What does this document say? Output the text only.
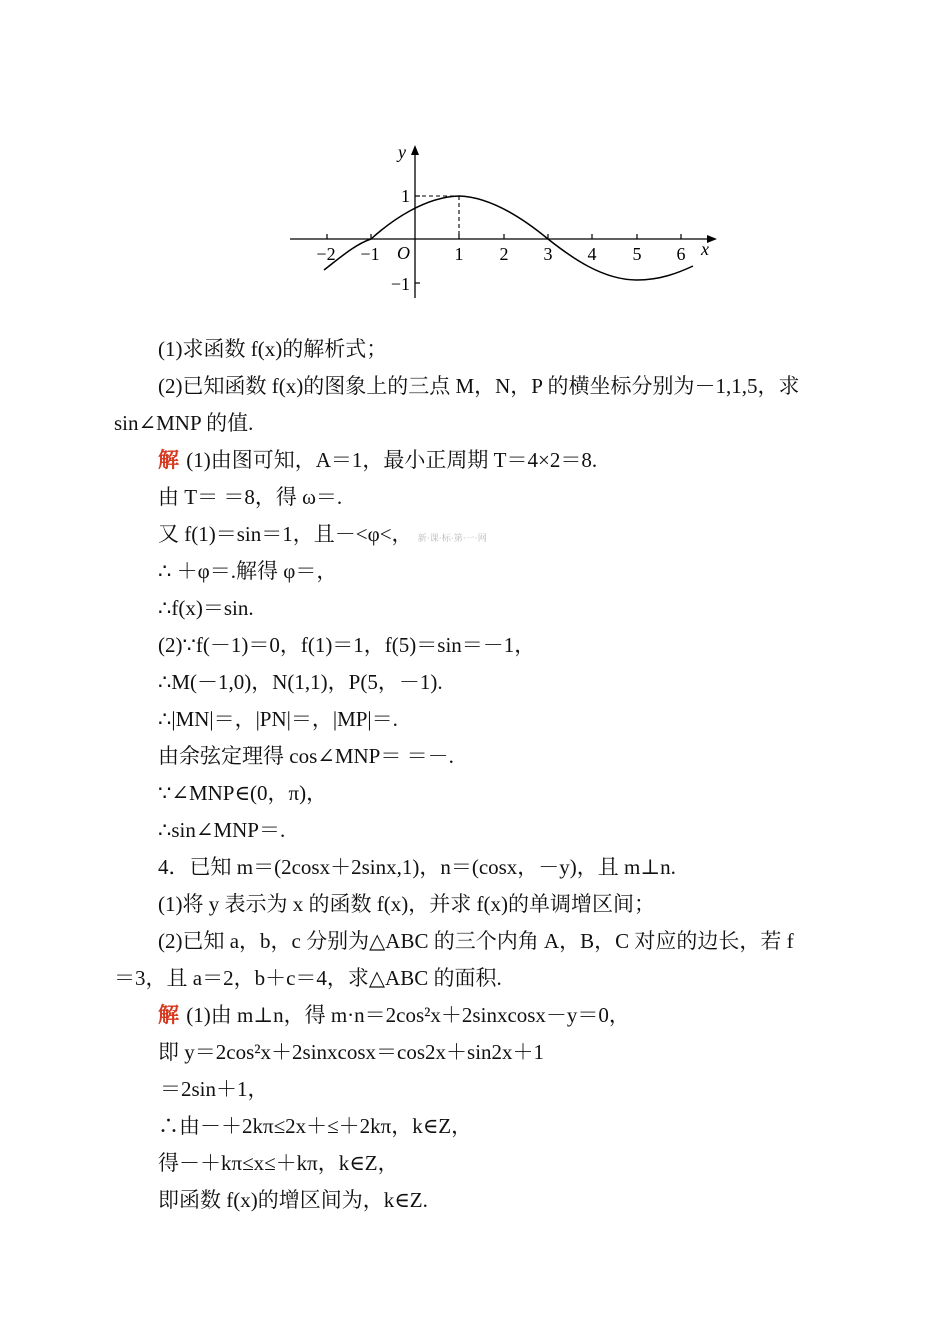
y
x
O
−2 −1	1 2 3 4 5 6
1
−1
(1)求函数 f(x)的解析式；
(2)已知函数 f(x)的图象上的三点 M，N，P 的横坐标分别为－1,1,5，求
sin∠MNP 的值.
解 (1)由图可知，A＝1，最小正周期 T＝4×2＝8.
由 T＝ ＝8，得 ω＝.
又 f(1)＝sin＝1，且－<φ<， 新·课·标·第·一·网
∴ ＋φ＝.解得 φ＝，
∴f(x)＝sin.
(2)∵f(－1)＝0，f(1)＝1，f(5)＝sin＝－1，
∴M(－1,0)，N(1,1)，P(5，－1).
∴|MN|＝，|PN|＝，|MP|＝.
由余弦定理得 cos∠MNP＝ ＝－.
∵∠MNP∈(0，π)，
∴sin∠MNP＝.
4．已知 m＝(2cosx＋2sinx,1)，n＝(cosx，－y)，且 m⊥n.
(1)将 y 表示为 x 的函数 f(x)，并求 f(x)的单调增区间；
(2)已知 a，b，c 分别为△ABC 的三个内角 A，B，C 对应的边长，若 f
＝3，且 a＝2，b＋c＝4，求△ABC 的面积.
解 (1)由 m⊥n，得 m·n＝2cos²x＋2sinxcosx－y＝0，
即 y＝2cos²x＋2sinxcosx＝cos2x＋sin2x＋1
＝2sin＋1，
∴由－＋2kπ≤2x＋≤＋2kπ，k∈Z，
得－＋kπ≤x≤＋kπ，k∈Z，
即函数 f(x)的增区间为，k∈Z.
